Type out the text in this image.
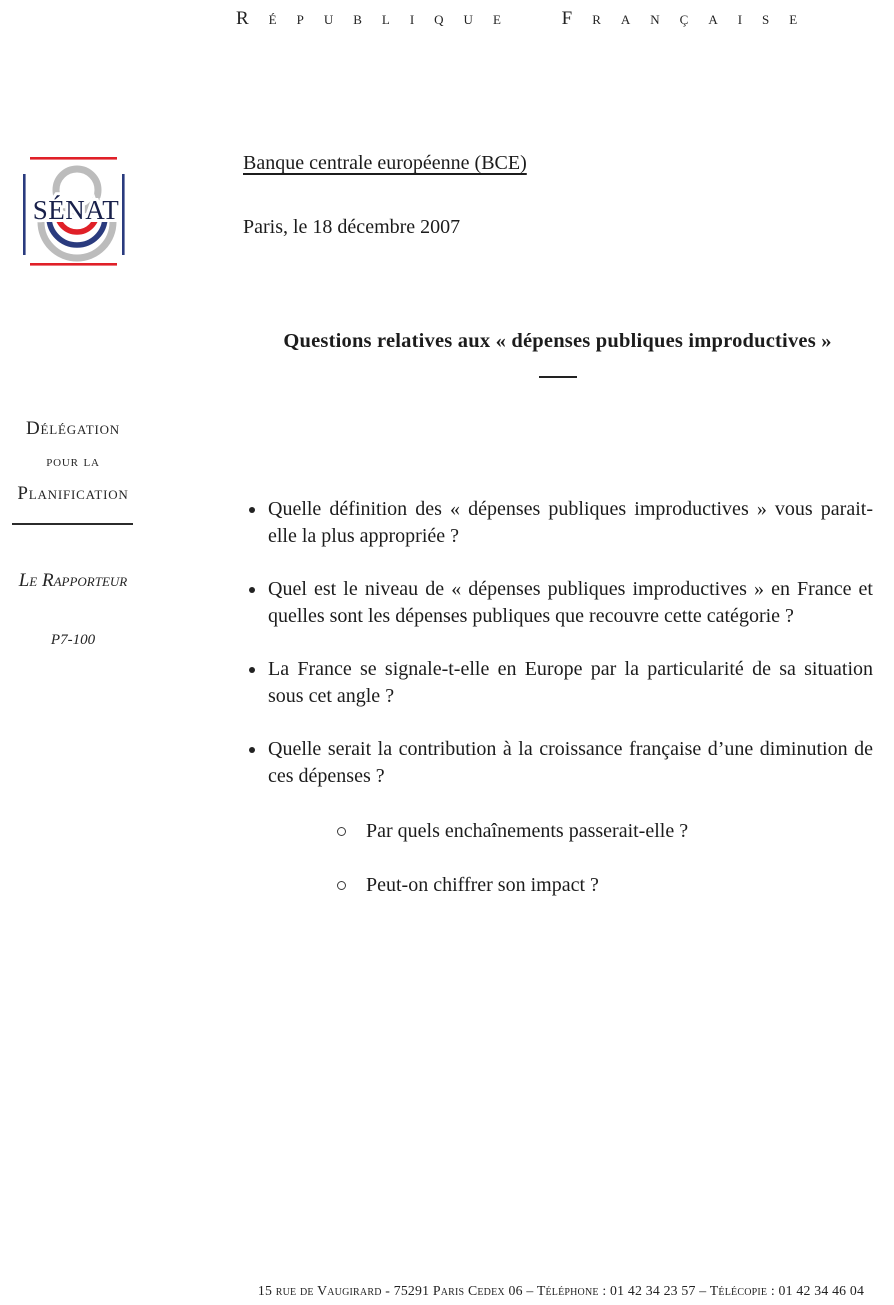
République Française
SÉNAT
Banque centrale européenne (BCE)
Paris, le 18 décembre 2007
Questions relatives aux « dépenses publiques improductives »
Délégation
pour la
Planification
Le Rapporteur
P7-100

Quelle définition des « dépenses publiques improductives » vous parait-elle la plus appropriée ?

Quel est le niveau de « dépenses publiques improductives » en France et quelles sont les dépenses publiques que recouvre cette catégorie ?

La France se signale-t-elle en Europe par la particularité de sa situation sous cet angle ?

Quelle serait la contribution à la croissance française d’une diminution de ces dépenses ?

Par quels enchaînements passerait-elle ?

Peut-on chiffrer son impact ?

15 rue de Vaugirard - 75291 Paris Cedex 06 – Téléphone : 01 42 34 23 57 – Télécopie : 01 42 34 46 04
